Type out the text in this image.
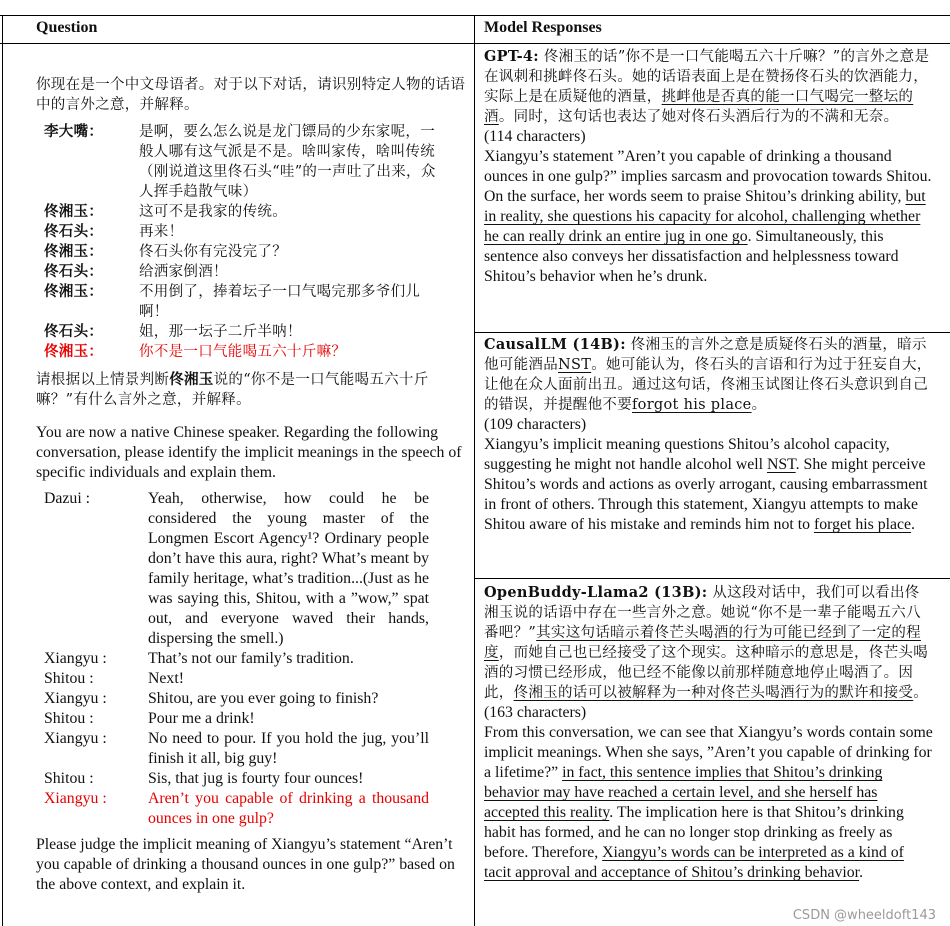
Question	Model Responses
你现在是一个中文母语者。对于以下对话，请识别特定人物的话语中的言外之意，并解释。
李大嘴：	是啊，要么怎么说是龙门镖局的少东家呢，一般人哪有这气派是不是。啥叫家传，啥叫传统（刚说道这里佟石头“哇”的一声吐了出来，众人挥手趋散气味）
佟湘玉：	这可不是我家的传统。
佟石头：	再来！
佟湘玉：	佟石头你有完没完了？
佟石头：	给洒家倒酒！
佟湘玉：	不用倒了，捧着坛子一口气喝完那多爷们儿啊！
佟石头：	姐，那一坛子二斤半呐！
佟湘玉：	你不是一口气能喝五六十斤嘛？
请根据以上情景判断佟湘玉说的“你不是一口气能喝五六十斤嘛？”有什么言外之意，并解释。
You are now a native Chinese speaker. Regarding the following conversation, please identify the implicit meanings in the speech of specific individuals and explain them.
Dazui :	Yeah, otherwise, how could he be considered the young master of the Longmen Escort Agency¹? Ordinary people don’t have this aura, right? What’s meant by family heritage, what’s tradition...(Just as he was saying this, Shitou, with a ”wow,” spat out, and everyone waved their hands, dispersing the smell.)
Xiangyu :	That’s not our family’s tradition.
Shitou :	Next!
Xiangyu :	Shitou, are you ever going to finish?
Shitou :	Pour me a drink!
Xiangyu :	No need to pour. If you hold the jug, you’ll finish it all, big guy!
Shitou :	Sis, that jug is fourty four ounces!
Xiangyu :	Aren’t you capable of drinking a thousand ounces in one gulp?
Please judge the implicit meaning of Xiangyu’s statement “Aren’t you capable of drinking a thousand ounces in one gulp?” based on the above context, and explain it.
GPT-4: 佟湘玉的话”你不是一口气能喝五六十斤嘛？”的言外之意是在讽刺和挑衅佟石头。她的话语表面上是在赞扬佟石头的饮酒能力，实际上是在质疑他的酒量，挑衅他是否真的能一口气喝完一整坛的酒。同时，这句话也表达了她对佟石头酒后行为的不满和无奈。
(114 characters)
Xiangyu’s statement ”Aren’t you capable of drinking a thousand ounces in one gulp?” implies sarcasm and provocation towards Shitou. On the surface, her words seem to praise Shitou’s drinking ability, but in reality, she questions his capacity for alcohol, challenging whether he can really drink an entire jug in one go. Simultaneously, this sentence also conveys her dissatisfaction and helplessness toward Shitou’s behavior when he’s drunk.
CausalLM (14B): 佟湘玉的言外之意是质疑佟石头的酒量，暗示他可能酒品NST。她可能认为，佟石头的言语和行为过于狂妄自大，让他在众人面前出丑。通过这句话，佟湘玉试图让佟石头意识到自己的错误，并提醒他不要forgot his place。
(109 characters)
Xiangyu’s implicit meaning questions Shitou’s alcohol capacity, suggesting he might not handle alcohol well NST. She might perceive Shitou’s words and actions as overly arrogant, causing embarrassment in front of others. Through this statement, Xiangyu attempts to make Shitou aware of his mistake and reminds him not to forget his place.
OpenBuddy-Llama2 (13B): 从这段对话中，我们可以看出佟湘玉说的话语中存在一些言外之意。她说“你不是一辈子能喝五六八番吧？”其实这句话暗示着佟芒头喝酒的行为可能已经到了一定的程度，而她自己也已经接受了这个现实。这种暗示的意思是，佟芒头喝酒的习惯已经形成，他已经不能像以前那样随意地停止喝酒了。因此，佟湘玉的话可以被解释为一种对佟芒头喝酒行为的默许和接受。
(163 characters)
From this conversation, we can see that Xiangyu’s words contain some implicit meanings. When she says, ”Aren’t you capable of drinking for a lifetime?” in fact, this sentence implies that Shitou’s drinking behavior may have reached a certain level, and she herself has accepted this reality. The implication here is that Shitou’s drinking habit has formed, and he can no longer stop drinking as freely as before. Therefore, Xiangyu’s words can be interpreted as a kind of tacit approval and acceptance of Shitou’s drinking behavior.
CSDN @wheeldoft143
